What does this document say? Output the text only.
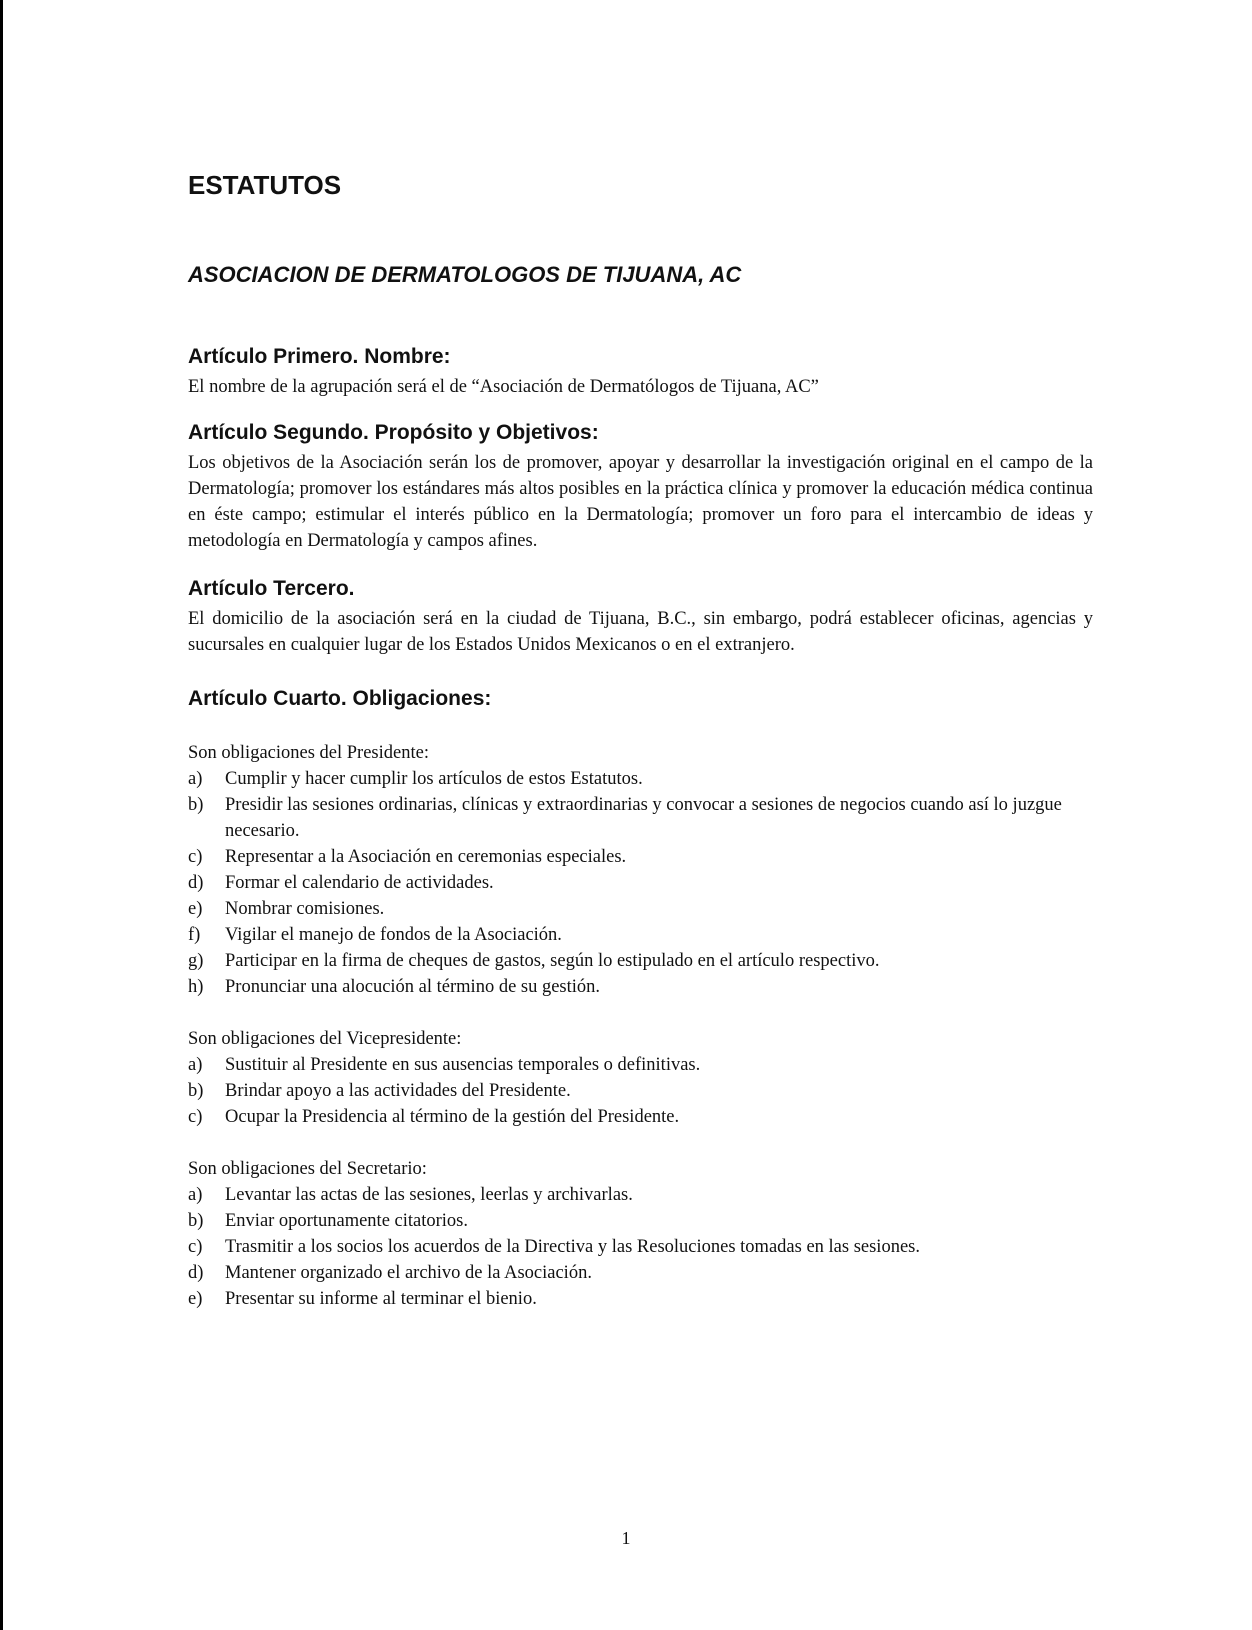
ESTATUTOS
ASOCIACION DE DERMATOLOGOS DE TIJUANA, AC
Artículo Primero. Nombre:

El nombre de la agrupación será el de “Asociación de Dermatólogos de Tijuana, AC”

Artículo Segundo. Propósito y Objetivos:

Los objetivos de la Asociación serán los de promover, apoyar y desarrollar la investigación original en el campo de la Dermatología; promover los estándares más altos posibles en la práctica clínica y promover la educación médica continua en éste campo; estimular el interés público en la Dermatología; promover un foro para el intercambio de ideas y metodología en Dermatología y campos afines.

Artículo Tercero.

El domicilio de la asociación será en la ciudad de Tijuana, B.C., sin embargo, podrá establecer oficinas, agencias y sucursales en cualquier lugar de los Estados Unidos Mexicanos o en el extranjero.

Artículo Cuarto. Obligaciones:

Son obligaciones del Presidente:

a) Cumplir y hacer cumplir los artículos de estos Estatutos.
b) Presidir las sesiones ordinarias, clínicas y extraordinarias y convocar a sesiones de negocios cuando así lo juzgue necesario.
c) Representar a la Asociación en ceremonias especiales.
d) Formar el calendario de actividades.
e) Nombrar comisiones.
f) Vigilar el manejo de fondos de la Asociación.
g) Participar en la firma de cheques de gastos, según lo estipulado en el artículo respectivo.
h) Pronunciar una alocución al término de su gestión.

Son obligaciones del Vicepresidente:

a) Sustituir al Presidente en sus ausencias temporales o definitivas.
b) Brindar apoyo a las actividades del Presidente.
c) Ocupar la Presidencia al término de la gestión del Presidente.

Son obligaciones del Secretario:

a) Levantar las actas de las sesiones, leerlas y archivarlas.
b) Enviar oportunamente citatorios.
c) Trasmitir a los socios los acuerdos de la Directiva y las Resoluciones tomadas en las sesiones.
d) Mantener organizado el archivo de la Asociación.
e) Presentar su informe al terminar el bienio.
1
